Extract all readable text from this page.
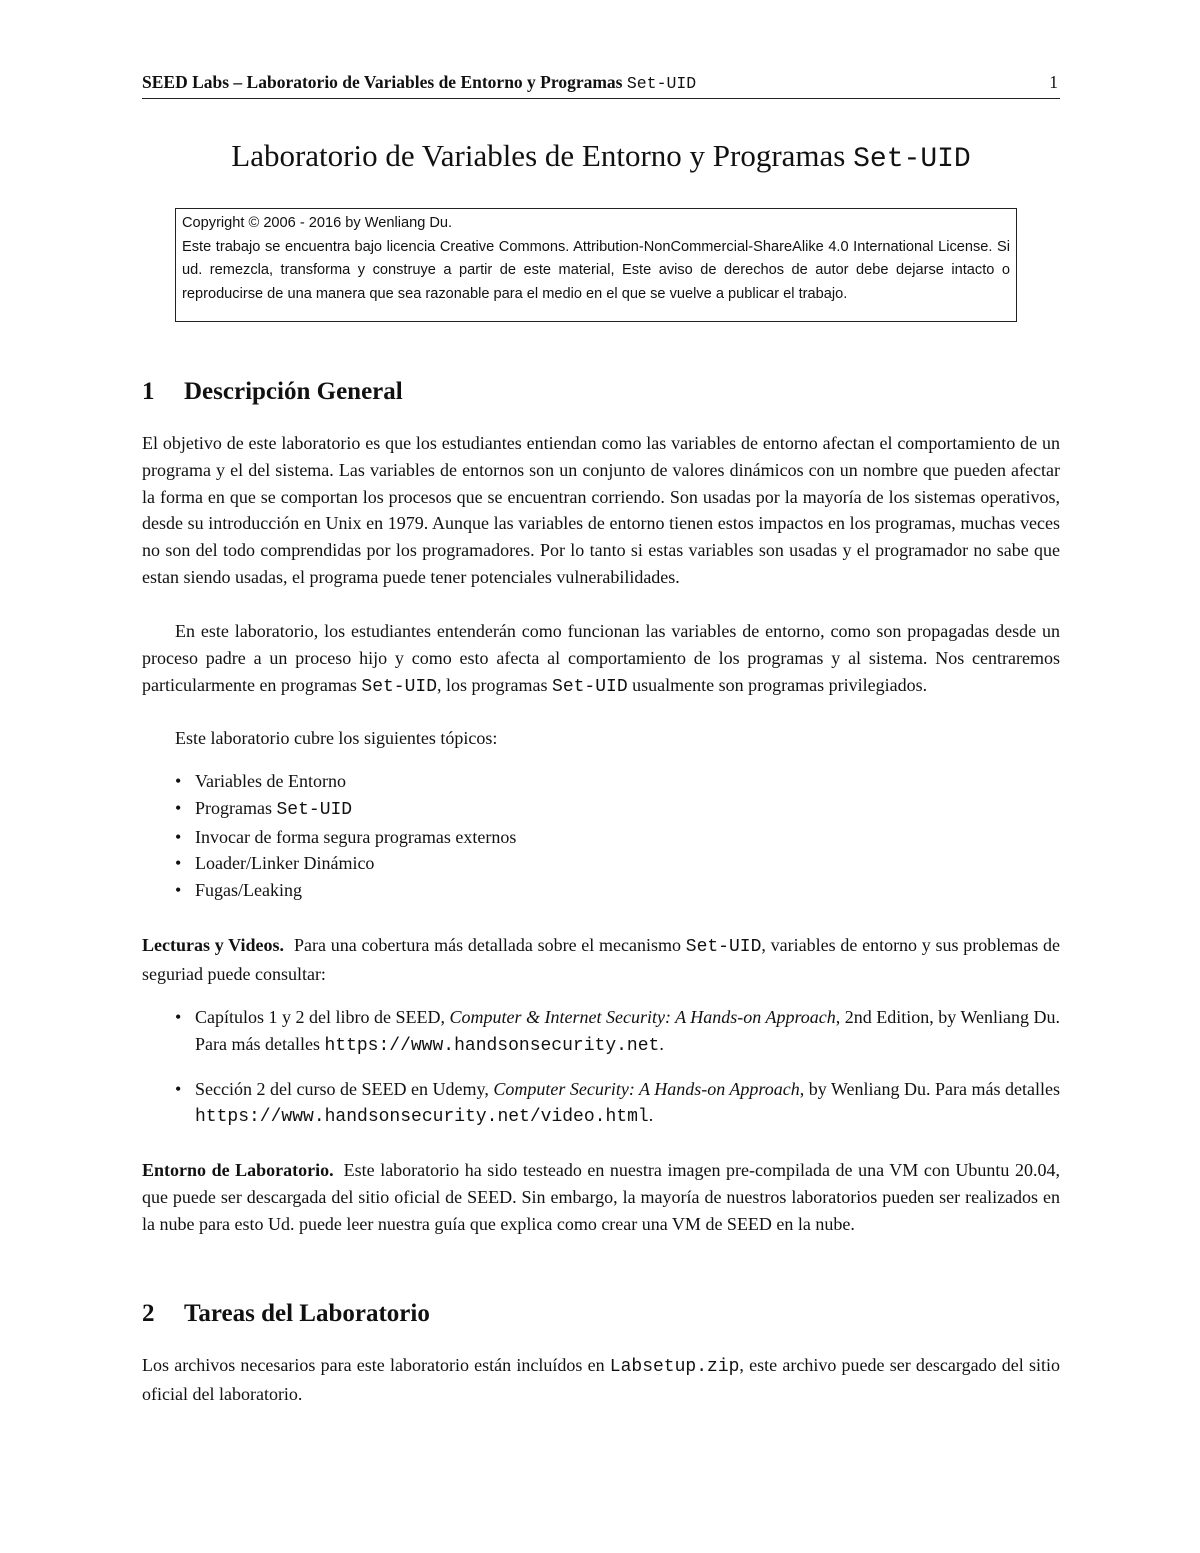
SEED Labs – Laboratorio de Variables de Entorno y Programas Set-UID	1
Laboratorio de Variables de Entorno y Programas Set-UID
Copyright © 2006 - 2016 by Wenliang Du.
Este trabajo se encuentra bajo licencia Creative Commons. Attribution-NonCommercial-ShareAlike 4.0 International License. Si ud. remezcla, transforma y construye a partir de este material, Este aviso de derechos de autor debe dejarse intacto o reproducirse de una manera que sea razonable para el medio en el que se vuelve a publicar el trabajo.
1 Descripción General
El objetivo de este laboratorio es que los estudiantes entiendan como las variables de entorno afectan el comportamiento de un programa y el del sistema. Las variables de entornos son un conjunto de valores dinámicos con un nombre que pueden afectar la forma en que se comportan los procesos que se encuentran corriendo. Son usadas por la mayoría de los sistemas operativos, desde su introducción en Unix en 1979. Aunque las variables de entorno tienen estos impactos en los programas, muchas veces no son del todo comprendidas por los programadores. Por lo tanto si estas variables son usadas y el programador no sabe que estan siendo usadas, el programa puede tener potenciales vulnerabilidades.
En este laboratorio, los estudiantes entenderán como funcionan las variables de entorno, como son propagadas desde un proceso padre a un proceso hijo y como esto afecta al comportamiento de los programas y al sistema. Nos centraremos particularmente en programas Set-UID, los programas Set-UID usualmente son programas privilegiados.
Este laboratorio cubre los siguientes tópicos:
• Variables de Entorno
• Programas Set-UID
• Invocar de forma segura programas externos
• Loader/Linker Dinámico
• Fugas/Leaking
Lecturas y Videos. Para una cobertura más detallada sobre el mecanismo Set-UID, variables de entorno y sus problemas de seguriad puede consultar:
• Capítulos 1 y 2 del libro de SEED, Computer & Internet Security: A Hands-on Approach, 2nd Edition, by Wenliang Du. Para más detalles https://www.handsonsecurity.net.
• Sección 2 del curso de SEED en Udemy, Computer Security: A Hands-on Approach, by Wenliang Du. Para más detalles https://www.handsonsecurity.net/video.html.
Entorno de Laboratorio. Este laboratorio ha sido testeado en nuestra imagen pre-compilada de una VM con Ubuntu 20.04, que puede ser descargada del sitio oficial de SEED. Sin embargo, la mayoría de nuestros laboratorios pueden ser realizados en la nube para esto Ud. puede leer nuestra guía que explica como crear una VM de SEED en la nube.
2 Tareas del Laboratorio
Los archivos necesarios para este laboratorio están incluídos en Labsetup.zip, este archivo puede ser descargado del sitio oficial del laboratorio.
